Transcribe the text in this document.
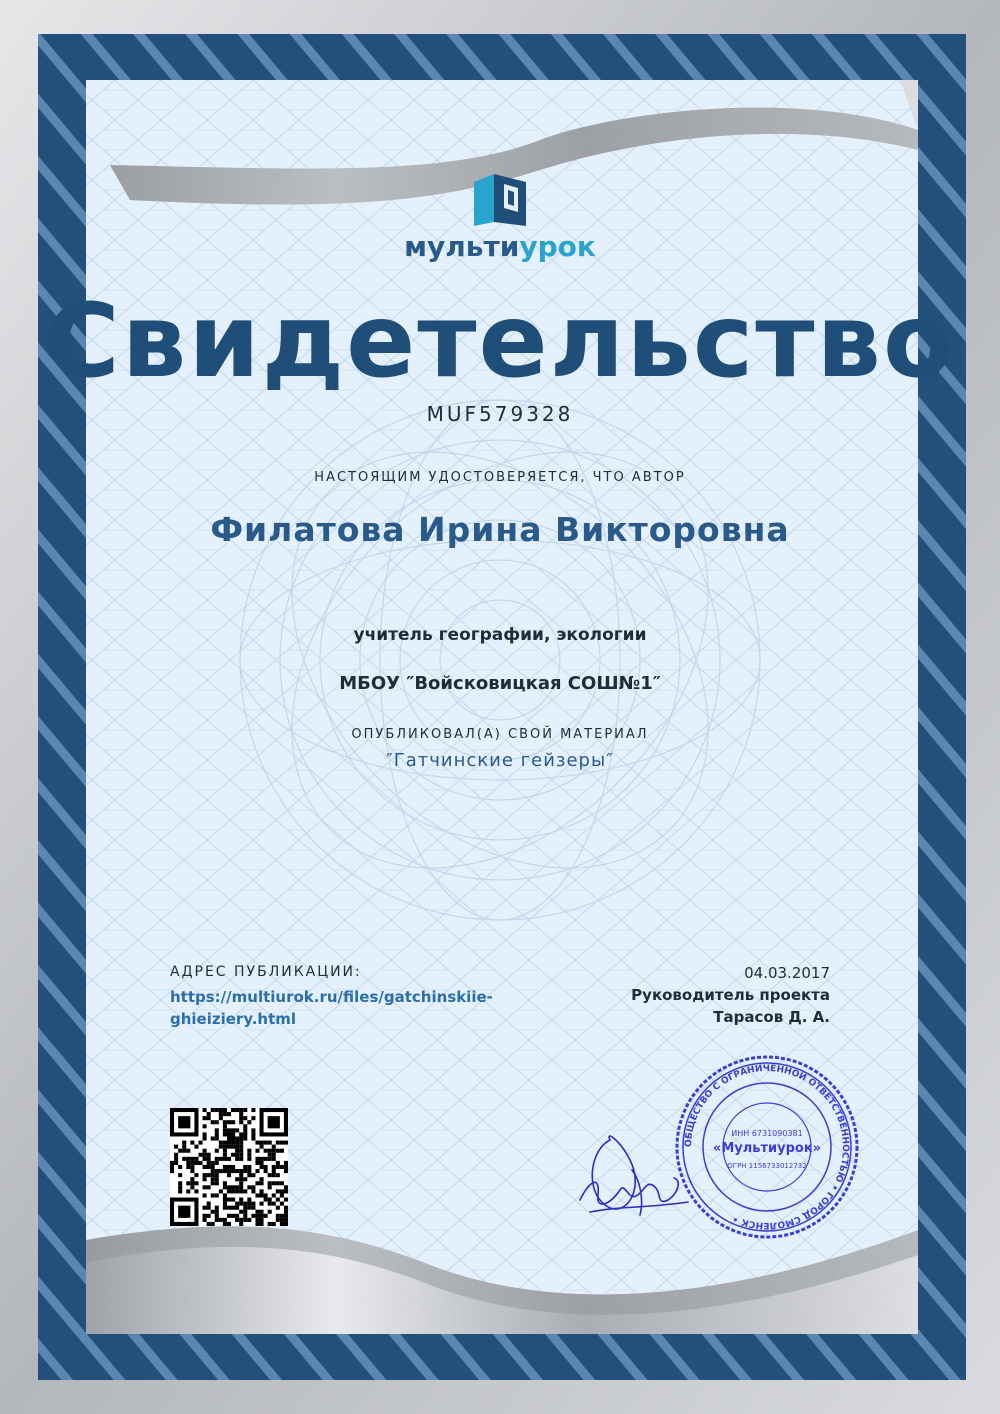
мультиурок
Свидетельство
MUF579328
НАСТОЯЩИМ УДОСТОВЕРЯЕТСЯ, ЧТО АВТОР
Филатова Ирина Викторовна
учитель географии, экологии
МБОУ ″Войсковицкая СОШ№1″
ОПУБЛИКОВАЛ(А) СВОЙ МАТЕРИАЛ
″Гатчинские гейзеры″
АДРЕС ПУБЛИКАЦИИ:
https://multiurok.ru/files/gatchinskiie-
ghieiziery.html
04.03.2017
Руководитель проекта
Тарасов Д. А.
ОБЩЕСТВО С ОГРАНИЧЕННОЙ ОТВЕТСТВЕННОСТЬЮ • ГОРОД СМОЛЕНСК •
ИНН 6731090381
«Мультиурок»
ОГРН 1156733012732
